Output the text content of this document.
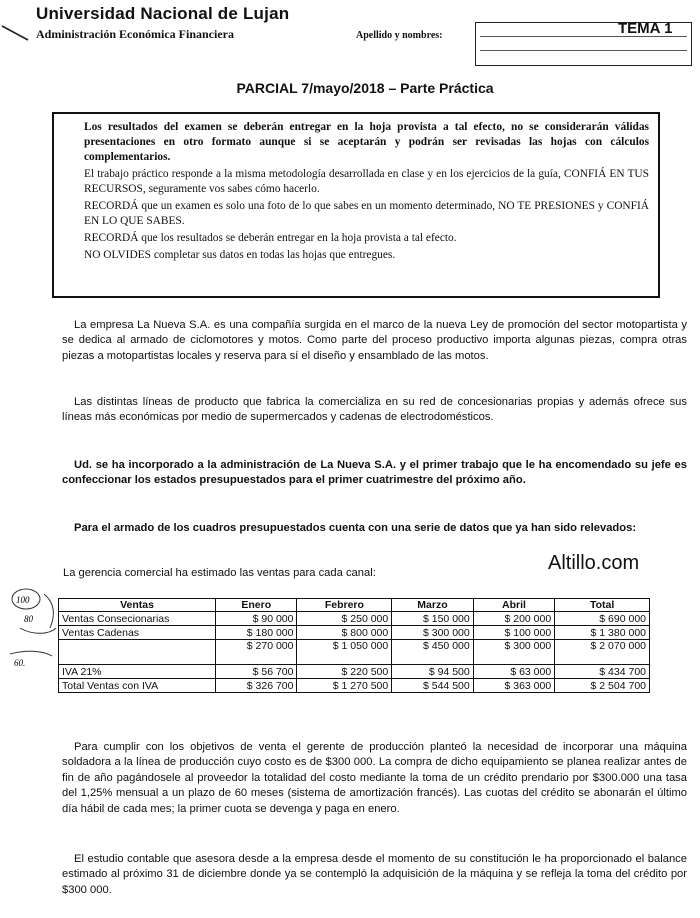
Universidad Nacional de Lujan
Administración Económica Financiera	Apellido y nombres:	TEMA 1
PARCIAL 7/mayo/2018 – Parte Práctica

Los resultados del examen se deberán entregar en la hoja provista a tal efecto, no se considerarán válidas presentaciones en otro formato aunque si se aceptarán y podrán ser revisadas las hojas con cálculos complementarios.

El trabajo práctico responde a la misma metodología desarrollada en clase y en los ejercicios de la guía, CONFIÁ EN TUS RECURSOS, seguramente vos sabes cómo hacerlo.

RECORDÁ que un examen es solo una foto de lo que sabes en un momento determinado, NO TE PRESIONES y CONFIÁ EN LO QUE SABES.

RECORDÁ que los resultados se deberán entregar en la hoja provista a tal efecto.

NO OLVIDES completar sus datos en todas las hojas que entregues.

La empresa La Nueva S.A. es una compañía surgida en el marco de la nueva Ley de promoción del sector motopartista y se dedica al armado de ciclomotores y motos. Como parte del proceso productivo importa algunas piezas, compra otras piezas a motopartistas locales y reserva para sí el diseño y ensamblado de las motos.
Las distintas líneas de producto que fabrica la comercializa en su red de concesionarias propias y además ofrece sus líneas más económicas por medio de supermercados y cadenas de electrodomésticos.
Ud. se ha incorporado a la administración de La Nueva S.A. y el primer trabajo que le ha encomendado su jefe es confeccionar los estados presupuestados para el primer cuatrimestre del próximo año.
Para el armado de los cuadros presupuestados cuenta con una serie de datos que ya han sido relevados:
Altillo.com
La gerencia comercial ha estimado las ventas para cada canal:
100
80
60.
Ventas	Enero	Febrero	Marzo	Abril	Total
Ventas Consecionarias	$ 90 000	$ 250 000	$ 150 000	$ 200 000	$ 690 000
Ventas Cadenas	$ 180 000	$ 800 000	$ 300 000	$ 100 000	$ 1 380 000
	$ 270 000	$ 1 050 000	$ 450 000	$ 300 000	$ 2 070 000
IVA 21%	$ 56 700	$ 220 500	$ 94 500	$ 63 000	$ 434 700
Total Ventas con IVA	$ 326 700	$ 1 270 500	$ 544 500	$ 363 000	$ 2 504 700
Para cumplir con los objetivos de venta el gerente de producción planteó la necesidad de incorporar una máquina soldadora a la línea de producción cuyo costo es de $300 000. La compra de dicho equipamiento se planea realizar antes de fin de año pagándosele al proveedor la totalidad del costo mediante la toma de un crédito prendario por $300.000 una tasa del 1,25% mensual a un plazo de 60 meses (sistema de amortización francés). Las cuotas del crédito se abonarán el último día hábil de cada mes; la primer cuota se devenga y paga en enero.
El estudio contable que asesora desde a la empresa desde el momento de su constitución le ha proporcionado el balance estimado al próximo 31 de diciembre donde ya se contempló la adquisición de la máquina y se refleja la toma del crédito por $300 000.
